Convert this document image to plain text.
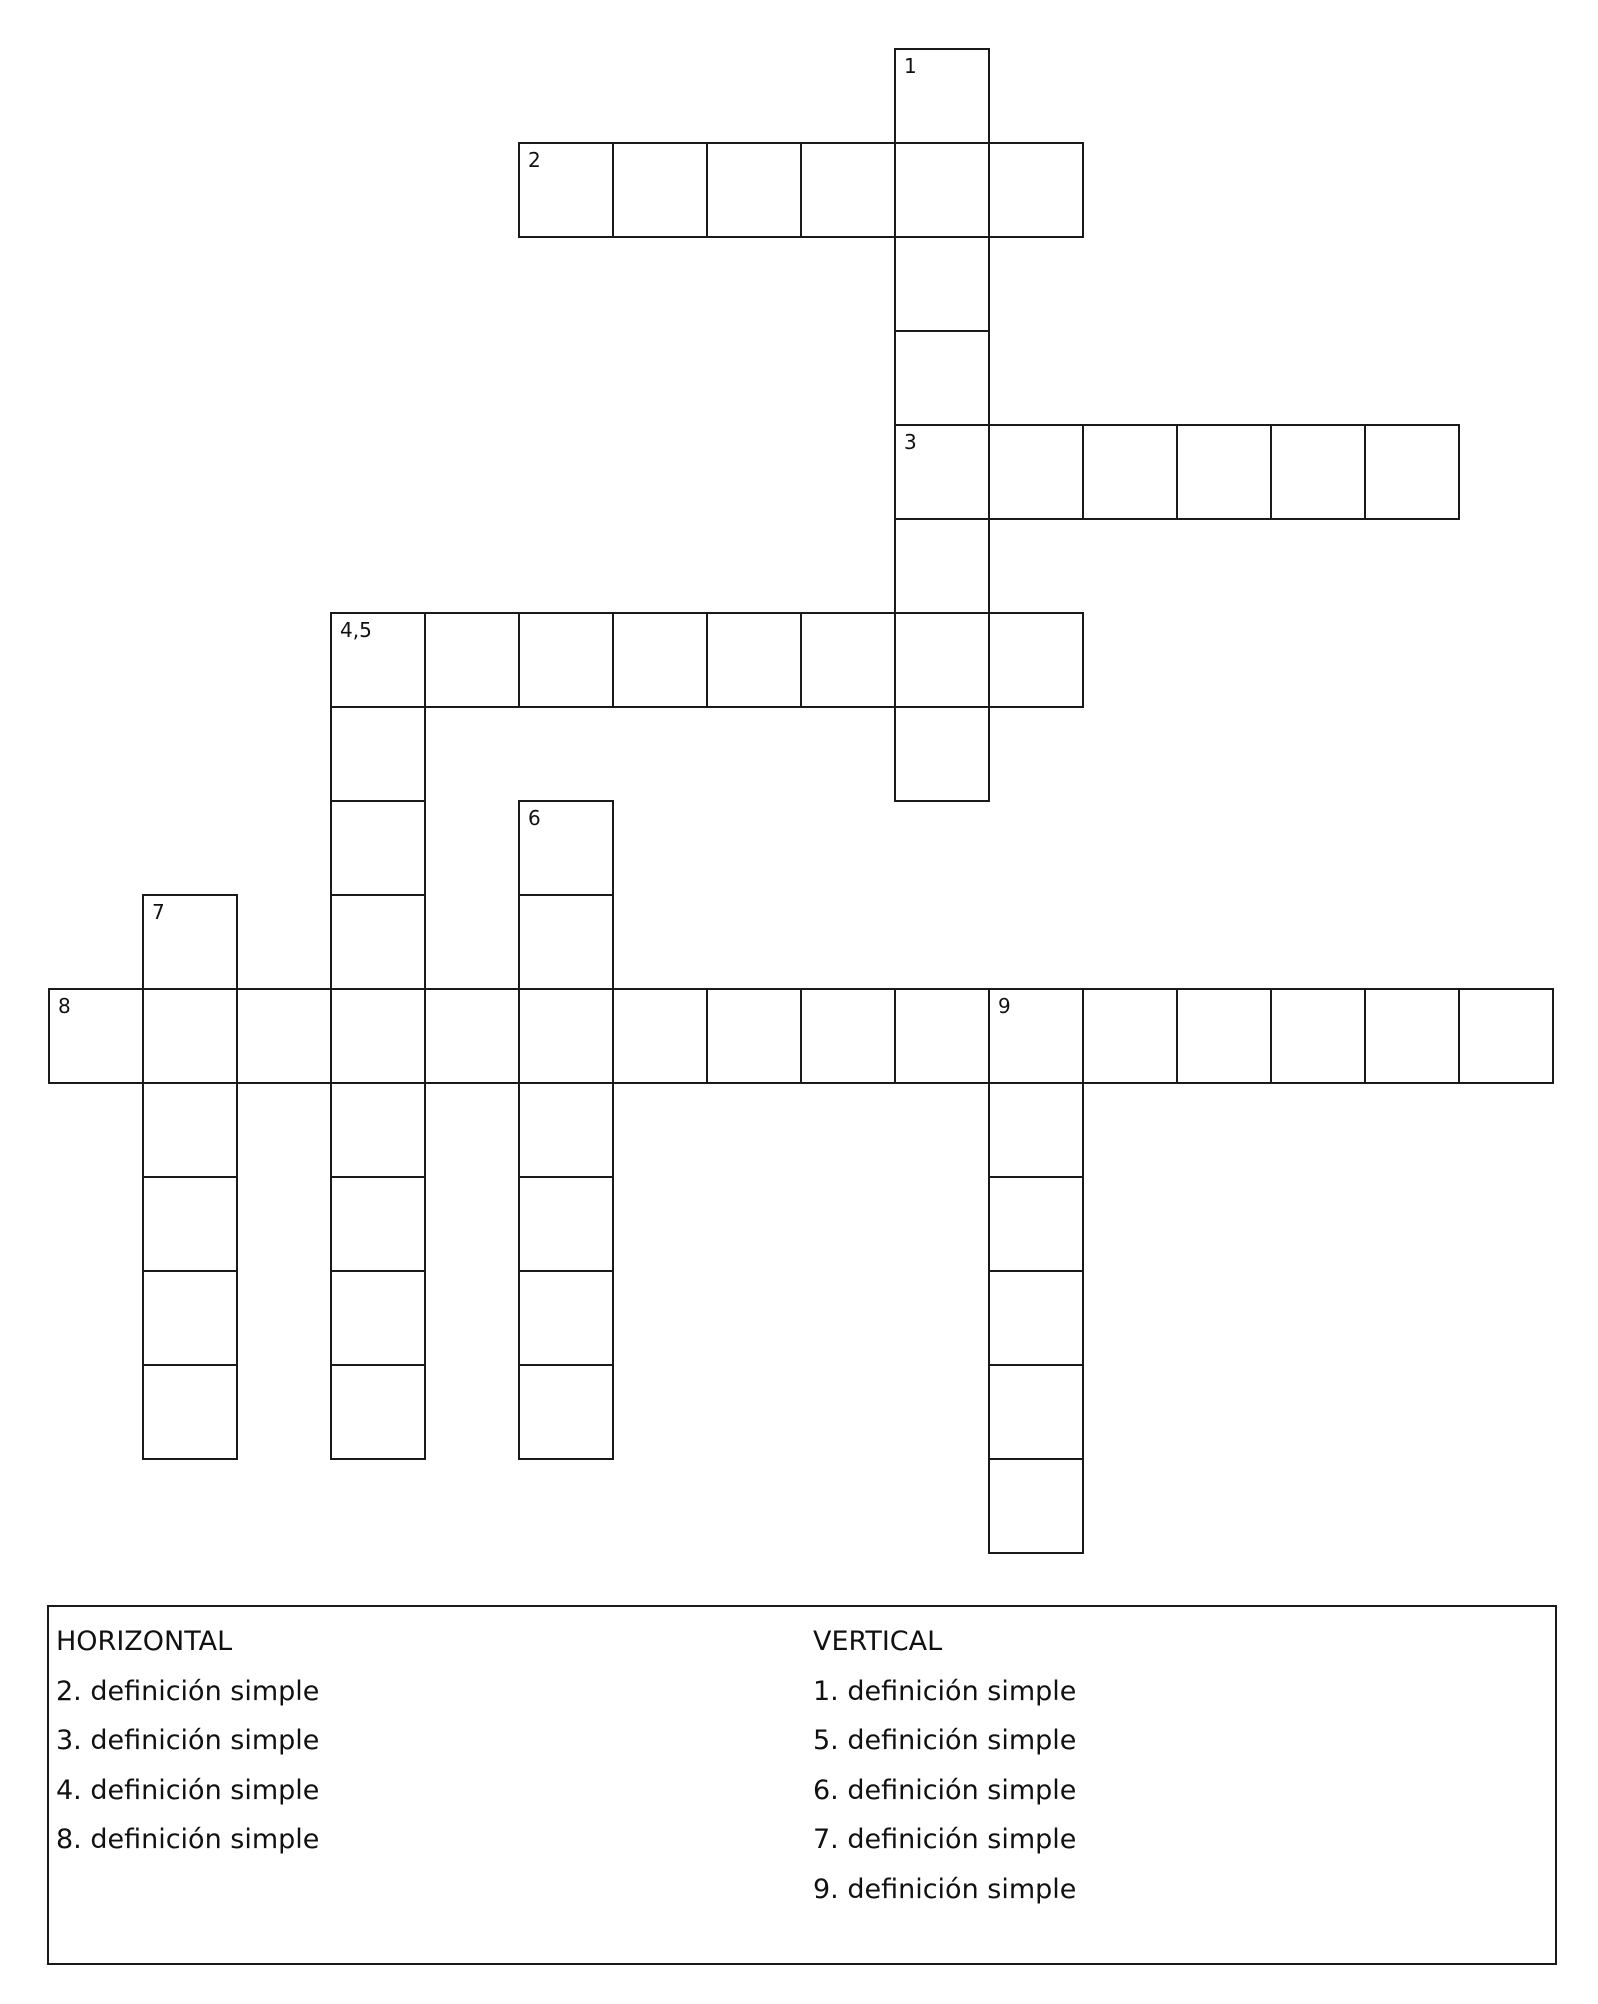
1
2
3
4,5
6
7
8	9
HORIZONTAL
2. definición simple
3. definición simple
4. definición simple
8. definición simple
VERTICAL
1. definición simple
5. definición simple
6. definición simple
7. definición simple
9. definición simple
